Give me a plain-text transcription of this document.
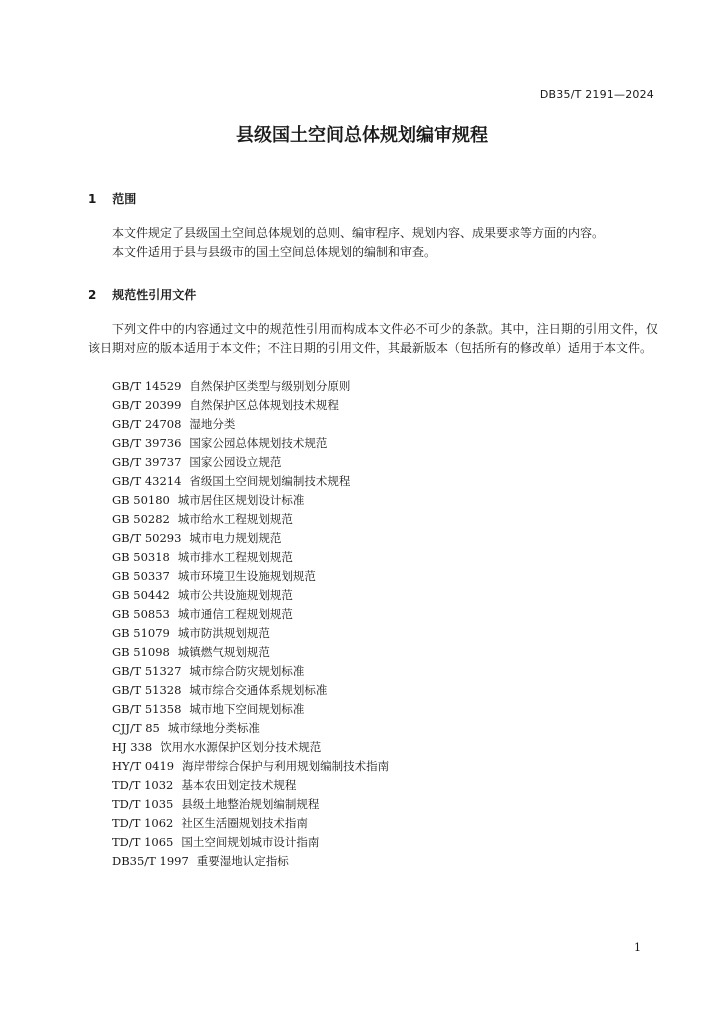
DB35/T 2191—2024
县级国土空间总体规划编审规程
1 范围
本文件规定了县级国土空间总体规划的总则、编审程序、规划内容、成果要求等方面的内容。
本文件适用于县与县级市的国土空间总体规划的编制和审查。
2 规范性引用文件
下列文件中的内容通过文中的规范性引用而构成本文件必不可少的条款。其中，注日期的引用文件，仅该日期对应的版本适用于本文件；不注日期的引用文件，其最新版本（包括所有的修改单）适用于本文件。
GB/T 14529 自然保护区类型与级别划分原则
GB/T 20399 自然保护区总体规划技术规程
GB/T 24708 湿地分类
GB/T 39736 国家公园总体规划技术规范
GB/T 39737 国家公园设立规范
GB/T 43214 省级国土空间规划编制技术规程
GB 50180 城市居住区规划设计标准
GB 50282 城市给水工程规划规范
GB/T 50293 城市电力规划规范
GB 50318 城市排水工程规划规范
GB 50337 城市环境卫生设施规划规范
GB 50442 城市公共设施规划规范
GB 50853 城市通信工程规划规范
GB 51079 城市防洪规划规范
GB 51098 城镇燃气规划规范
GB/T 51327 城市综合防灾规划标准
GB/T 51328 城市综合交通体系规划标准
GB/T 51358 城市地下空间规划标准
CJJ/T 85 城市绿地分类标准
HJ 338 饮用水水源保护区划分技术规范
HY/T 0419 海岸带综合保护与利用规划编制技术指南
TD/T 1032 基本农田划定技术规程
TD/T 1035 县级土地整治规划编制规程
TD/T 1062 社区生活圈规划技术指南
TD/T 1065 国土空间规划城市设计指南
DB35/T 1997 重要湿地认定指标
1
